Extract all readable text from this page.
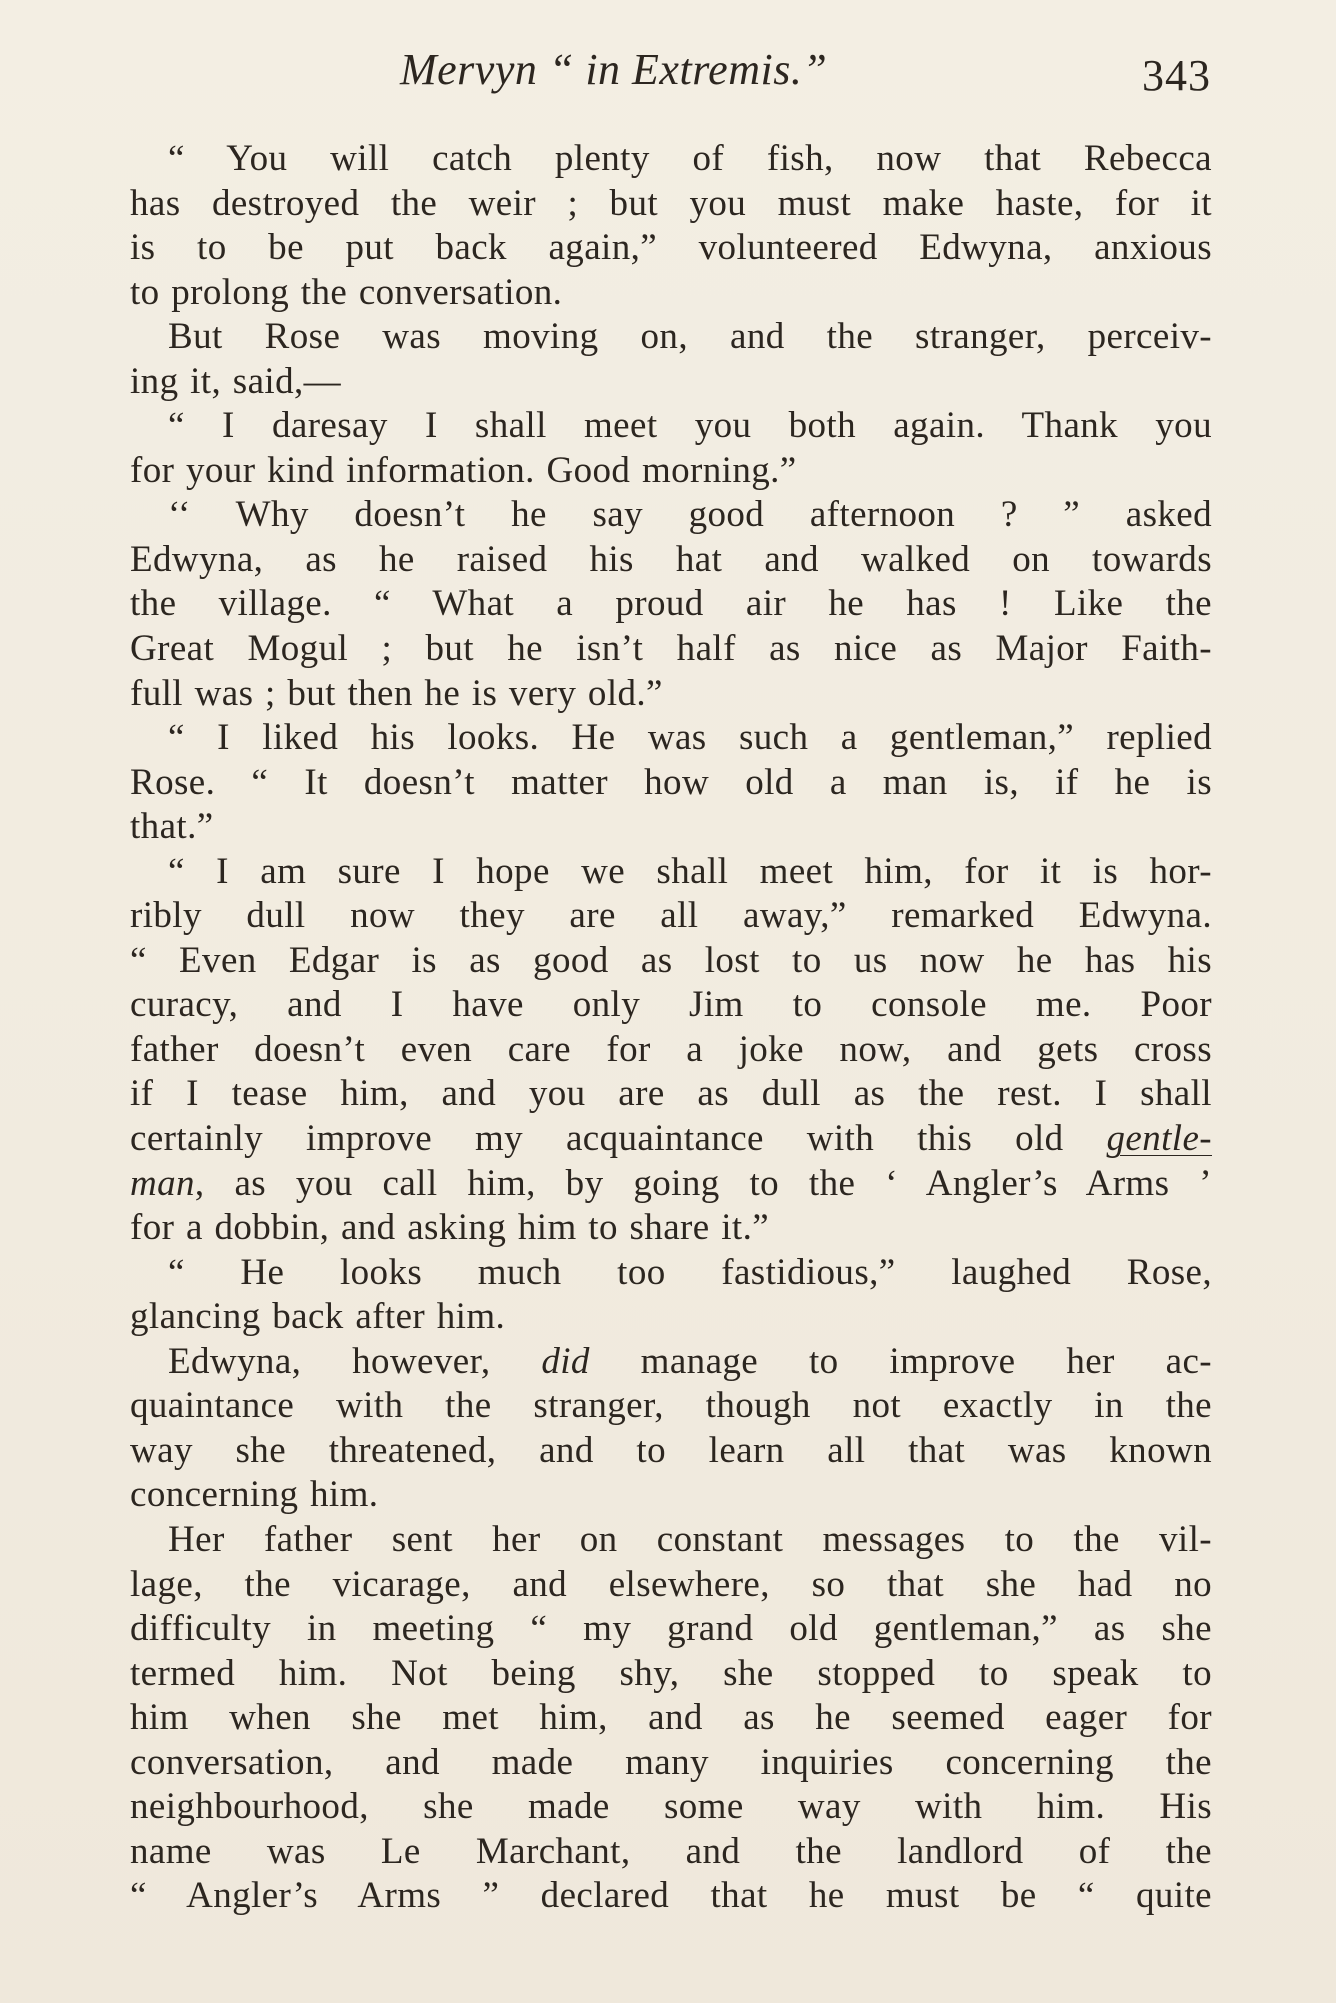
Mervyn “ in Extremis.”	343
“ You will catch plenty of fish, now that Rebecca
has destroyed the weir ; but you must make haste, for it
is to be put back again,” volunteered Edwyna, anxious
to prolong the conversation.
But Rose was moving on, and the stranger, perceiv-
ing it, said,—
“ I daresay I shall meet you both again. Thank you
for your kind information. Good morning.”
‘‘ Why doesn’t he say good afternoon ? ” asked
Edwyna, as he raised his hat and walked on towards
the village. “ What a proud air he has ! Like the
Great Mogul ; but he isn’t half as nice as Major Faith-
full was ; but then he is very old.”
“ I liked his looks. He was such a gentleman,” replied
Rose. “ It doesn’t matter how old a man is, if he is
that.”
“ I am sure I hope we shall meet him, for it is hor-
ribly dull now they are all away,” remarked Edwyna.
“ Even Edgar is as good as lost to us now he has his
curacy, and I have only Jim to console me. Poor
father doesn’t even care for a joke now, and gets cross
if I tease him, and you are as dull as the rest. I shall
certainly improve my acquaintance with this old gentle-
man, as you call him, by going to the ‘ Angler’s Arms ’
for a dobbin, and asking him to share it.”
“ He looks much too fastidious,” laughed Rose,
glancing back after him.
Edwyna, however, did manage to improve her ac-
quaintance with the stranger, though not exactly in the
way she threatened, and to learn all that was known
concerning him.
Her father sent her on constant messages to the vil-
lage, the vicarage, and elsewhere, so that she had no
difficulty in meeting “ my grand old gentleman,” as she
termed him. Not being shy, she stopped to speak to
him when she met him, and as he seemed eager for
conversation, and made many inquiries concerning the
neighbourhood, she made some way with him. His
name was Le Marchant, and the landlord of the
“ Angler’s Arms ” declared that he must be “ quite
